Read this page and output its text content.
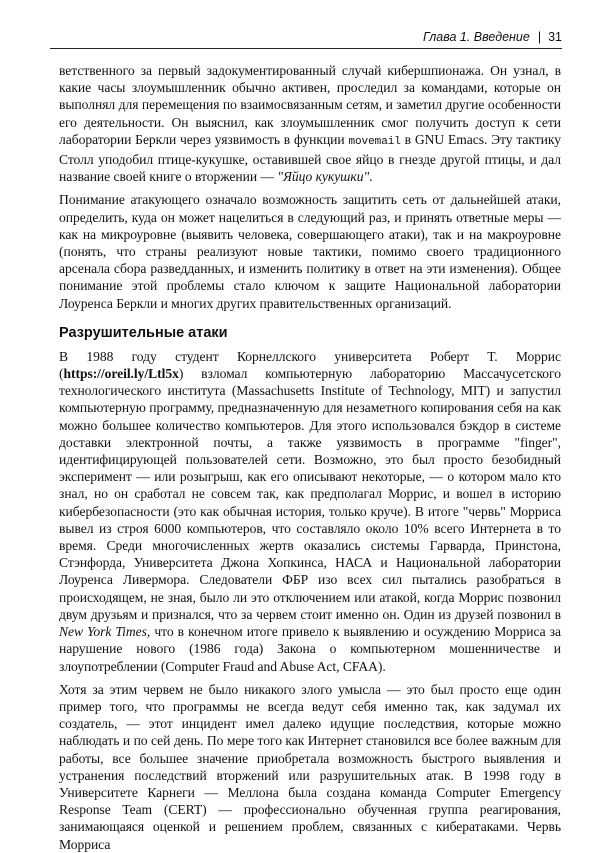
Глава 1. Введение | 31

ветственного за первый задокументированный случай кибершпионажа. Он узнал, в какие часы злоумышленник обычно активен, проследил за командами, которые он выполнял для перемещения по взаимосвязанным сетям, и заметил другие особенности его деятельности. Он выяснил, как злоумышленник смог получить доступ к сети лаборатории Беркли через уязвимость в функции movemail в GNU Emacs. Эту тактику Столл уподобил птице-кукушке, оставившей свое яйцо в гнезде другой птицы, и дал название своей книге о вторжении — "Яйцо кукушки".

Понимание атакующего означало возможность защитить сеть от дальнейшей атаки, определить, куда он может нацелиться в следующий раз, и принять ответные меры — как на микроуровне (выявить человека, совершающего атаки), так и на макроуровне (понять, что страны реализуют новые тактики, помимо своего традиционного арсенала сбора разведданных, и изменить политику в ответ на эти изменения). Общее понимание этой проблемы стало ключом к защите Национальной лаборатории Лоуренса Беркли и многих других правительственных организаций.

Разрушительные атаки

В 1988 году студент Корнеллского университета Роберт Т. Моррис (https://oreil.ly/Ltl5x) взломал компьютерную лабораторию Массачусетского технологического института (Massachusetts Institute of Technology, MIT) и запустил компьютерную программу, предназначенную для незаметного копирования себя на как можно большее количество компьютеров. Для этого использовался бэкдор в системе доставки электронной почты, а также уязвимость в программе "finger", идентифицирующей пользователей сети. Возможно, это был просто безобидный эксперимент — или розыгрыш, как его описывают некоторые, — о котором мало кто знал, но он сработал не совсем так, как предполагал Моррис, и вошел в историю кибербезопасности (это как обычная история, только круче). В итоге "червь" Морриса вывел из строя 6000 компьютеров, что составляло около 10% всего Интернета в то время. Среди многочисленных жертв оказались системы Гарварда, Принстона, Стэнфорда, Университета Джона Хопкинса, НАСА и Национальной лаборатории Лоуренса Ливермора. Следователи ФБР изо всех сил пытались разобраться в происходящем, не зная, было ли это отключением или атакой, когда Моррис позвонил двум друзьям и признался, что за червем стоит именно он. Один из друзей позвонил в New York Times, что в конечном итоге привело к выявлению и осуждению Морриса за нарушение нового (1986 года) Закона о компьютерном мошенничестве и злоупотреблении (Computer Fraud and Abuse Act, CFAA).

Хотя за этим червем не было никакого злого умысла — это был просто еще один пример того, что программы не всегда ведут себя именно так, как задумал их создатель, — этот инцидент имел далеко идущие последствия, которые можно наблюдать и по сей день. По мере того как Интернет становился все более важным для работы, все большее значение приобретала возможность быстрого выявления и устранения последствий вторжений или разрушительных атак. В 1998 году в Университете Карнеги — Меллона была создана команда Computer Emergency Response Team (CERT) — профессионально обученная группа реагирования, занимающаяся оценкой и решением проблем, связанных с кибератаками. Червь Морриса
